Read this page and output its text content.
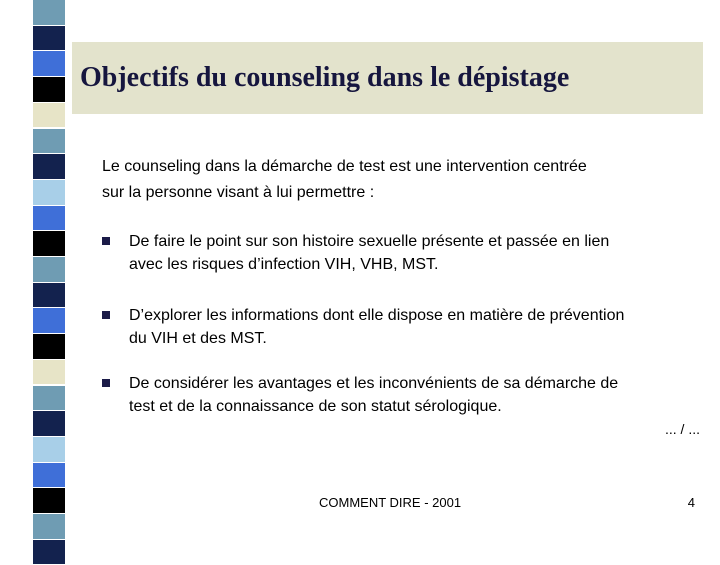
Objectifs du counseling dans le dépistage
Le counseling dans la démarche de test est une intervention centrée
sur la personne visant à lui permettre :
De faire le point sur son histoire sexuelle présente et passée en lien
avec les risques d’infection VIH, VHB, MST.
D’explorer les informations dont elle dispose en matière de prévention
du VIH et des MST.
De considérer les avantages et les inconvénients de sa démarche de
test et de la connaissance de son statut sérologique.
... / ...
COMMENT DIRE - 2001	4
